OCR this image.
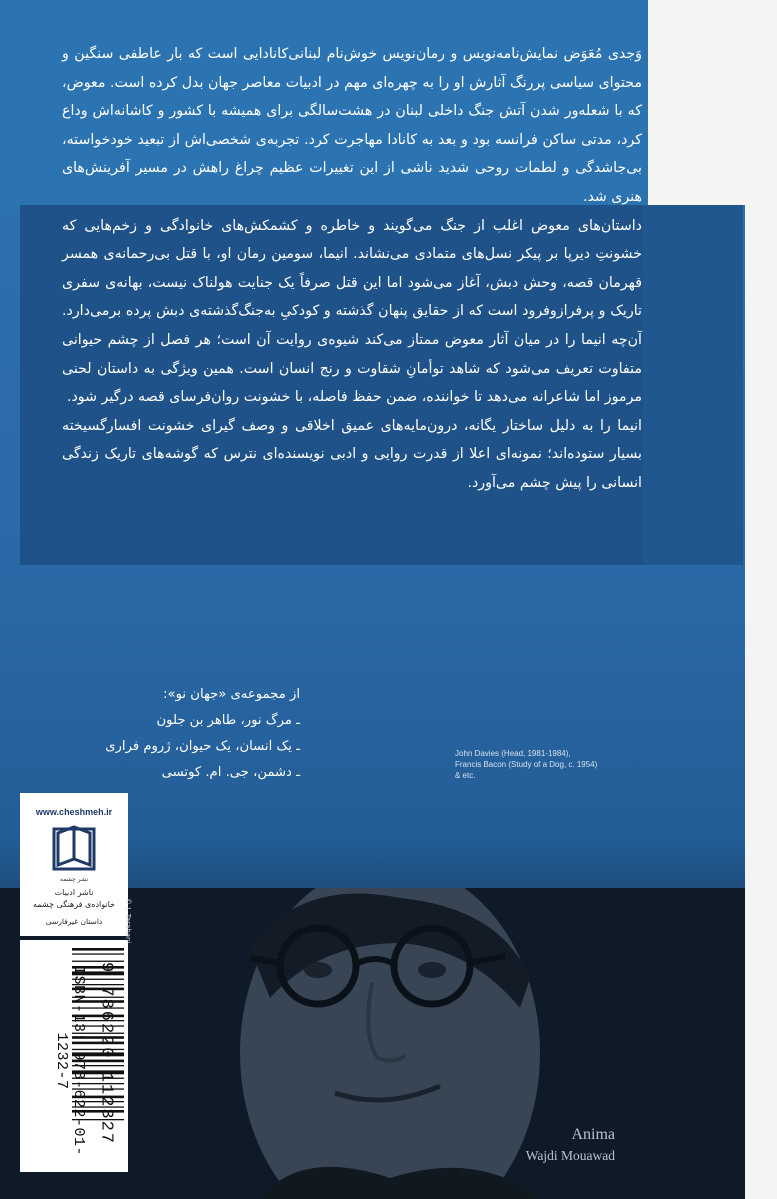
وَجدی مُعَوَض نمایش‌نامه‌نویس و رمان‌نویس خوش‌نام لبنانی‌کانادایی است که بار عاطفی سنگین و محتوای سیاسی پررنگ آثارش او را به چهره‌ای مهم در ادبیات معاصر جهان بدل کرده است. معوض، که با شعله‌ور شدن آتش جنگ داخلی لبنان در هشت‌سالگی برای همیشه با کشور و کاشانه‌اش وداع کرد، مدتی ساکن فرانسه بود و بعد به کانادا مهاجرت کرد. تجربه‌ی شخصی‌اش از تبعید خودخواسته، بی‌جاشدگی و لطمات روحی شدید ناشی از این تغییرات عظیم چراغ راهش در مسیر آفرینش‌های هنری شد.

داستان‌های معوض اغلب از جنگ می‌گویند و خاطره و کشمکش‌های خانوادگی و زخم‌هایی که خشونتِ دیرپا بر پیکر نسل‌های متمادی می‌نشاند. انیما، سومین رمان او، با قتل بی‌رحمانه‌ی همسر قهرمان قصه، وحش دبش، آغاز می‌شود اما این قتل صرفاً یک جنایت هولناک نیست، بهانه‌ی سفری تاریک و پرفرازوفرود است که از حقایق پنهان گذشته و کودکیِ به‌جنگ‌گذشته‌ی دبش پرده برمی‌دارد. آن‌چه انیما را در میان آثار معوض ممتاز می‌کند شیوه‌ی روایت آن است؛ هر فصل از چشم حیوانی متفاوت تعریف می‌شود که شاهد توأمانِ شقاوت و رنج انسان است. همین ویژگی به داستان لحنی مرموز اما شاعرانه می‌دهد تا خواننده، ضمن حفظ فاصله، با خشونت روان‌فرسای قصه درگیر شود.

انیما را به دلیل ساختار یگانه، درون‌مایه‌های عمیق اخلاقی و وصف گیرای خشونت افسارگسیخته بسیار ستوده‌اند؛ نمونه‌ای اعلا از قدرت روایی و ادبی نویسنده‌ای نترس که گوشه‌های تاریک زندگی انسانی را پیش چشم می‌آورد.

از مجموعه‌ی «جهان نو»:
ـ مرگ نور، طاهر بن جلون
ـ یک انسان، یک حیوان، ژروم فراری
ـ دشمن، جی. ام. کوتسی
John Davies (Head, 1981-1984),
Francis Bacon (Study of a Dog, c. 1954)
& etc.
www.cheshmeh.ir
نشر چشمه
ناشر ادبیات
خانواده‌ی فرهنگی چشمه
داستان غیرفارسی
ISBN-13: 978-622-01-1232-7	9 786220 112327
© I. Tarahani
Anima
Wajdi Mouawad
